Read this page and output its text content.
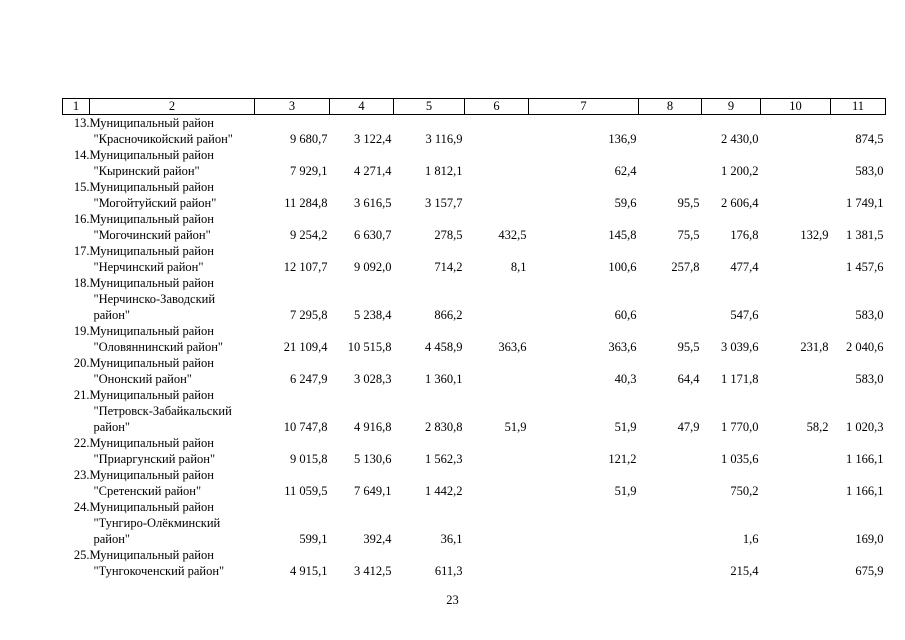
1	2	3	4	5	6	7	8	9	10	11
13.	Муниципальный район
"Красночикойский район"	9 680,7	3 122,4	3 116,9		136,9		2 430,0		874,5
14.	Муниципальный район
"Кыринский район"	7 929,1	4 271,4	1 812,1		62,4		1 200,2		583,0
15.	Муниципальный район
"Могойтуйский район"	11 284,8	3 616,5	3 157,7		59,6	95,5	2 606,4		1 749,1
16.	Муниципальный район
"Могочинский район"	9 254,2	6 630,7	278,5	432,5	145,8	75,5	176,8	132,9	1 381,5
17.	Муниципальный район
"Нерчинский район"	12 107,7	9 092,0	714,2	8,1	100,6	257,8	477,4		1 457,6
18.	Муниципальный район
"Нерчинско-Заводский
район"	7 295,8	5 238,4	866,2		60,6		547,6		583,0
19.	Муниципальный район
"Оловяннинский район"	21 109,4	10 515,8	4 458,9	363,6	363,6	95,5	3 039,6	231,8	2 040,6
20.	Муниципальный район
"Ононский район"	6 247,9	3 028,3	1 360,1		40,3	64,4	1 171,8		583,0
21.	Муниципальный район
"Петровск-Забайкальский
район"	10 747,8	4 916,8	2 830,8	51,9	51,9	47,9	1 770,0	58,2	1 020,3
22.	Муниципальный район
"Приаргунский район"	9 015,8	5 130,6	1 562,3		121,2		1 035,6		1 166,1
23.	Муниципальный район
"Сретенский район"	11 059,5	7 649,1	1 442,2		51,9		750,2		1 166,1
24.	Муниципальный район
"Тунгиро-Олёкминский
район"	599,1	392,4	36,1				1,6		169,0
25.	Муниципальный район
"Тунгокоченский район"	4 915,1	3 412,5	611,3				215,4		675,9
23
